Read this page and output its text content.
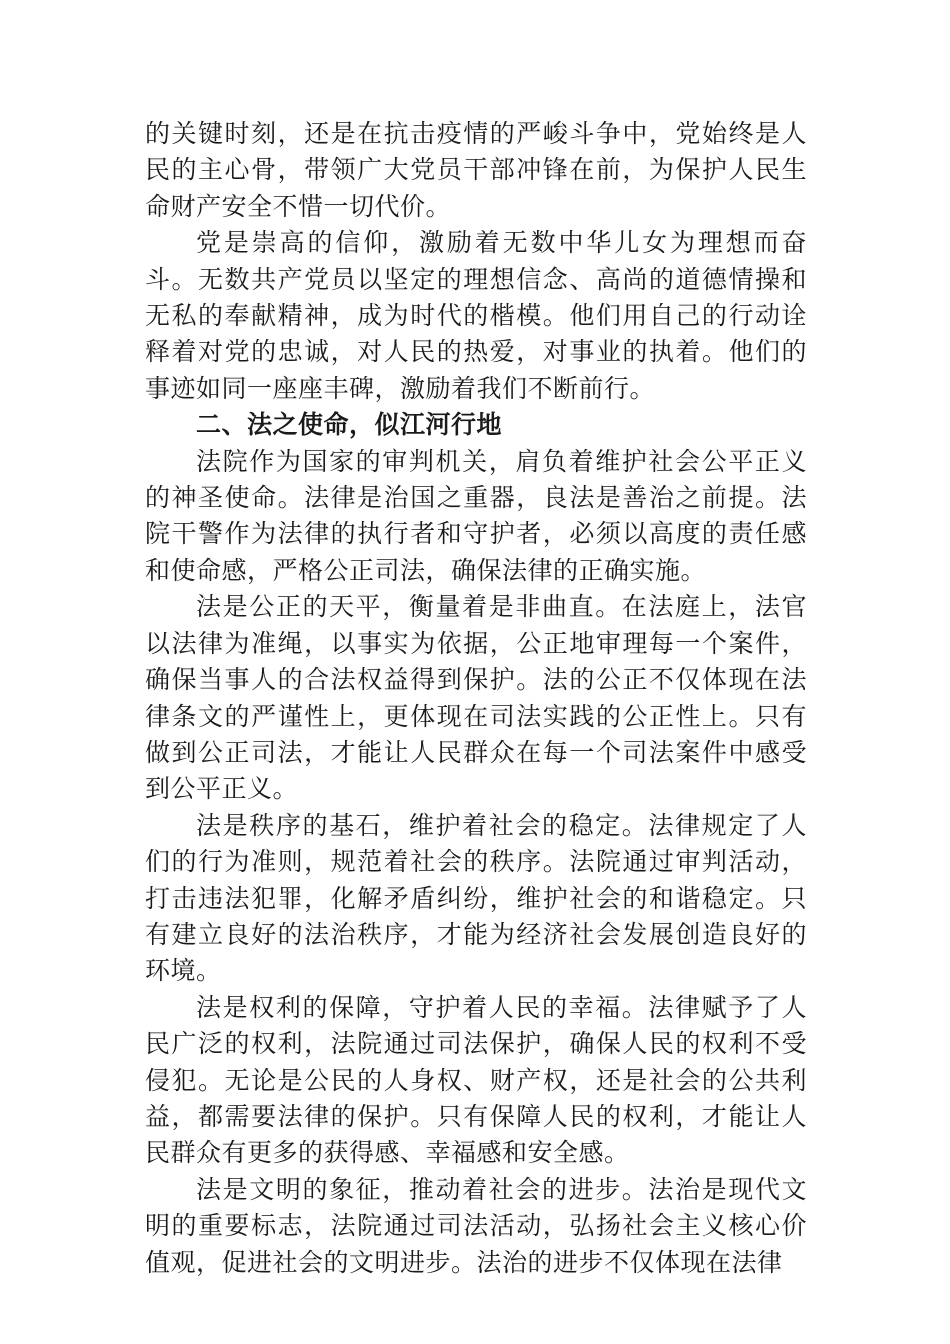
的关键时刻，还是在抗击疫情的严峻斗争中，党始终是人民的主心骨，带领广大党员干部冲锋在前，为保护人民生命财产安全不惜一切代价。

党是崇高的信仰，激励着无数中华儿女为理想而奋斗。无数共产党员以坚定的理想信念、高尚的道德情操和无私的奉献精神，成为时代的楷模。他们用自己的行动诠释着对党的忠诚，对人民的热爱，对事业的执着。他们的事迹如同一座座丰碑，激励着我们不断前行。

二、法之使命，似江河行地

法院作为国家的审判机关，肩负着维护社会公平正义的神圣使命。法律是治国之重器，良法是善治之前提。法院干警作为法律的执行者和守护者，必须以高度的责任感和使命感，严格公正司法，确保法律的正确实施。

法是公正的天平，衡量着是非曲直。在法庭上，法官以法律为准绳，以事实为依据，公正地审理每一个案件，确保当事人的合法权益得到保护。法的公正不仅体现在法律条文的严谨性上，更体现在司法实践的公正性上。只有做到公正司法，才能让人民群众在每一个司法案件中感受到公平正义。

法是秩序的基石，维护着社会的稳定。法律规定了人们的行为准则，规范着社会的秩序。法院通过审判活动，打击违法犯罪，化解矛盾纠纷，维护社会的和谐稳定。只有建立良好的法治秩序，才能为经济社会发展创造良好的环境。

法是权利的保障，守护着人民的幸福。法律赋予了人民广泛的权利，法院通过司法保护，确保人民的权利不受侵犯。无论是公民的人身权、财产权，还是社会的公共利益，都需要法律的保护。只有保障人民的权利，才能让人民群众有更多的获得感、幸福感和安全感。

法是文明的象征，推动着社会的进步。法治是现代文明的重要标志，法院通过司法活动，弘扬社会主义核心价值观，促进社会的文明进步。法治的进步不仅体现在法律
